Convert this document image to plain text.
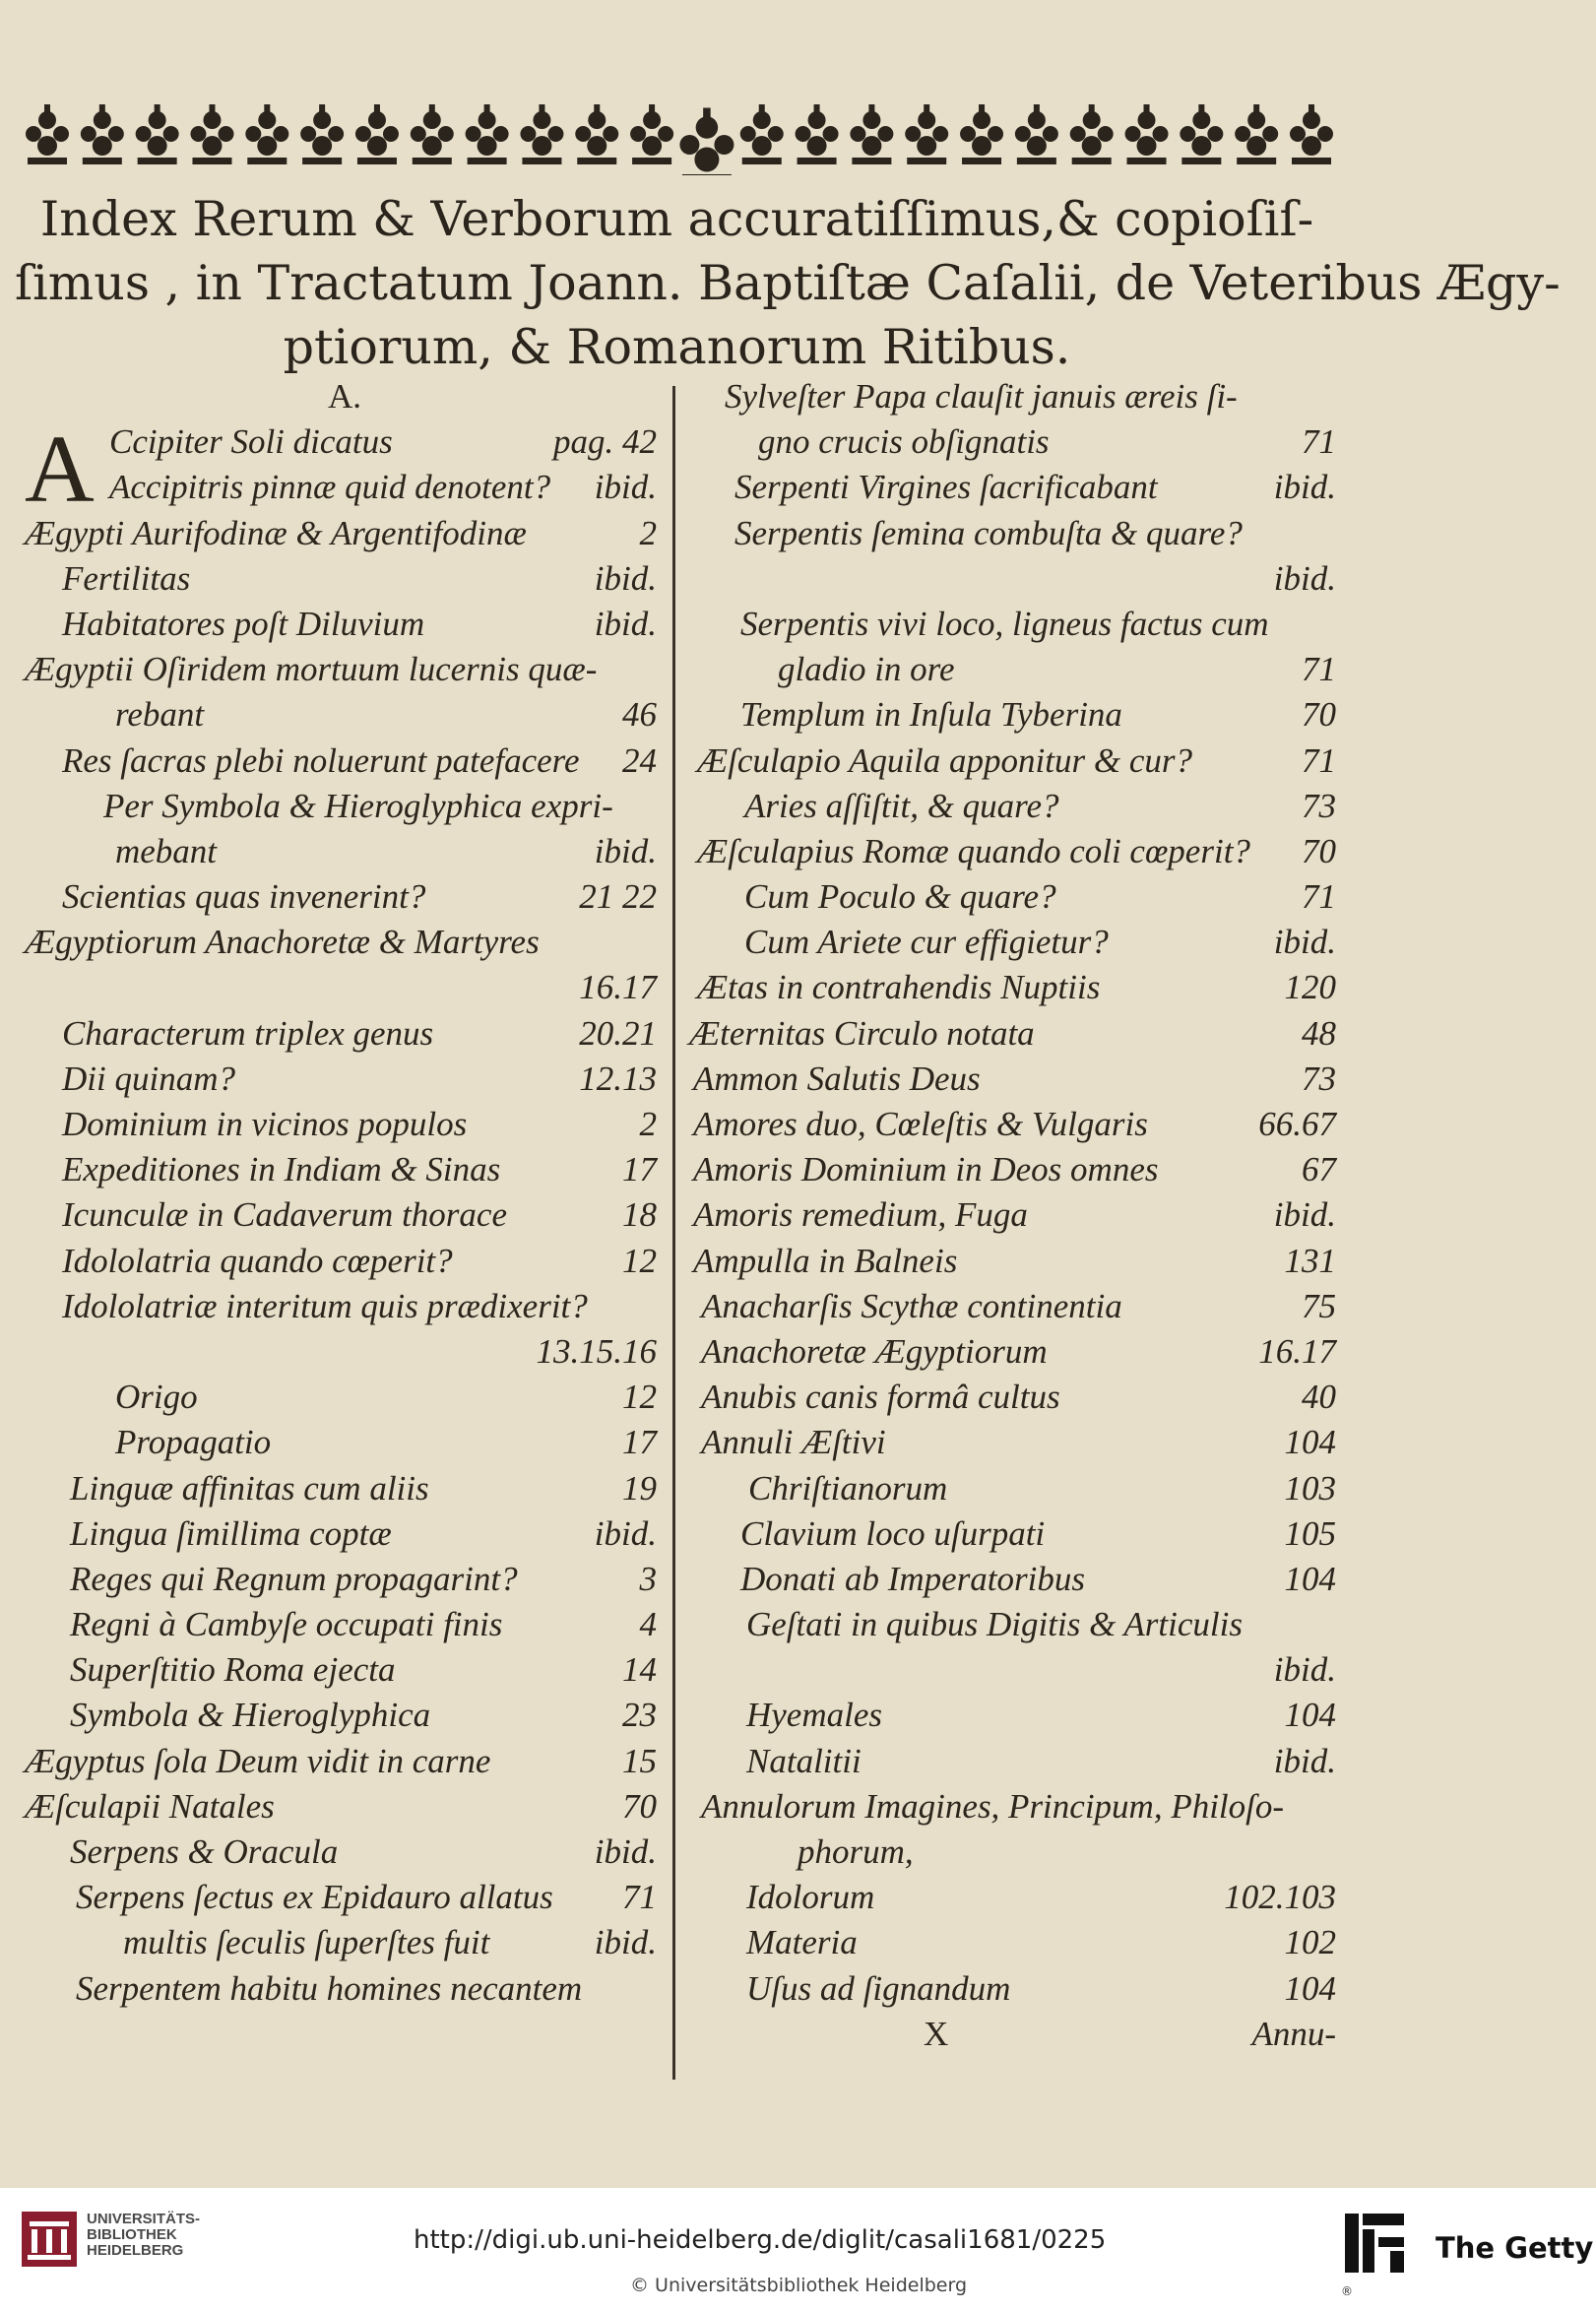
Index Rerum & Verborum accuratiſſimus,& copioſiſ-
ſimus , in Tractatum Joann. Baptiſtæ Caſalii, de Veteribus Ægy-
ptiorum, & Romanorum Ritibus.
A.
Ccipiter Soli dicatus	pag. 42
Accipitris pinnæ quid denotent? ibid.
Ægypti Aurifodinæ & Argentifodinæ	2
Fertilitas	ibid.
Habitatores poſt Diluvium	ibid.
Ægyptii Oſiridem mortuum lucernis quæ-
rebant	46
Res ſacras plebi noluerunt patefacere 24
Per Symbola & Hieroglyphica expri-
mebant	ibid.
Scientias quas invenerint?	21 22
Ægyptiorum Anachoretæ & Martyres
16.17
Characterum triplex genus	20.21
Dii quinam?	12.13
Dominium in vicinos populos	2
Expeditiones in Indiam & Sinas	17
Icunculæ in Cadaverum thorace	18
Idololatria quando cœperit?	12
Idololatriæ interitum quis prædixerit?
13.15.16
Origo	12
Propagatio	17
Linguæ affinitas cum aliis	19
Lingua ſimillima coptæ	ibid.
Reges qui Regnum propagarint?	3
Regni à Cambyſe occupati finis	4
Superſtitio Roma ejecta	14
Symbola & Hieroglyphica	23
Ægyptus ſola Deum vidit in carne	15
Æſculapii Natales	70
Serpens & Oracula	ibid.
Serpens ſectus ex Epidauro allatus 71
multis ſeculis ſuperſtes fuit	ibid.
Serpentem habitu homines necantem
A
Sylveſter Papa clauſit januis æreis ſi-
gno crucis obſignatis	71
Serpenti Virgines ſacrificabant	ibid.
Serpentis ſemina combuſta & quare?
ibid.
Serpentis vivi loco, ligneus factus cum
gladio in ore	71
Templum in Inſula Tyberina	70
Æſculapio Aquila apponitur & cur?	71
Aries aſſiſtit, & quare?	73
Æſculapius Romæ quando coli cœperit? 70
Cum Poculo & quare?	71
Cum Ariete cur effigietur?	ibid.
Ætas in contrahendis Nuptiis	120
Æternitas Circulo notata	48
Ammon Salutis Deus	73
Amores duo, Cœleſtis & Vulgaris	66.67
Amoris Dominium in Deos omnes	67
Amoris remedium, Fuga	ibid.
Ampulla in Balneis	131
Anacharſis Scythæ continentia	75
Anachoretæ Ægyptiorum	16.17
Anubis canis formâ cultus	40
Annuli Æſtivi	104
Chriſtianorum	103
Clavium loco uſurpati	105
Donati ab Imperatoribus	104
Geſtati in quibus Digitis & Articulis
ibid.
Hyemales	104
Natalitii	ibid.
Annulorum Imagines, Principum, Philoſo-
phorum,
Idolorum	102.103
Materia	102
Uſus ad ſignandum	104
X	Annu-
UNIVERSITÄTS-
BIBLIOTHEK
HEIDELBERG	http://digi.ub.uni-heidelberg.de/diglit/casali1681/0225
© Universitätsbibliothek Heidelberg	®
The Getty
